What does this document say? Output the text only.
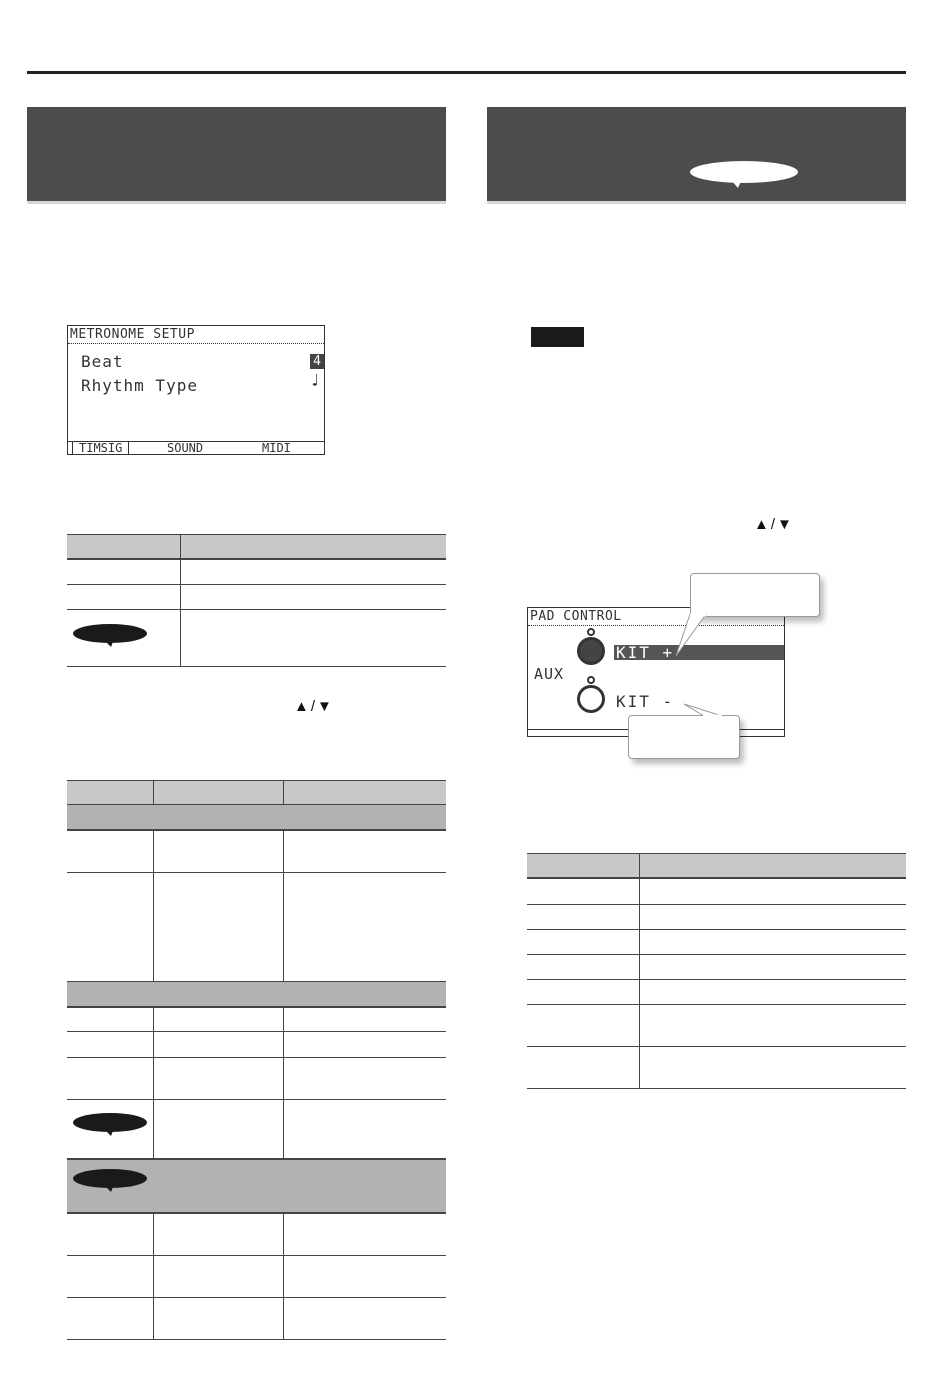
METRONOME SETUP
Beat	4
Rhythm Type	♩
TIMSIG	SOUND	MIDI
▲/▼
▲/▼
PAD CONTROL
AUX
KIT +
KIT -
